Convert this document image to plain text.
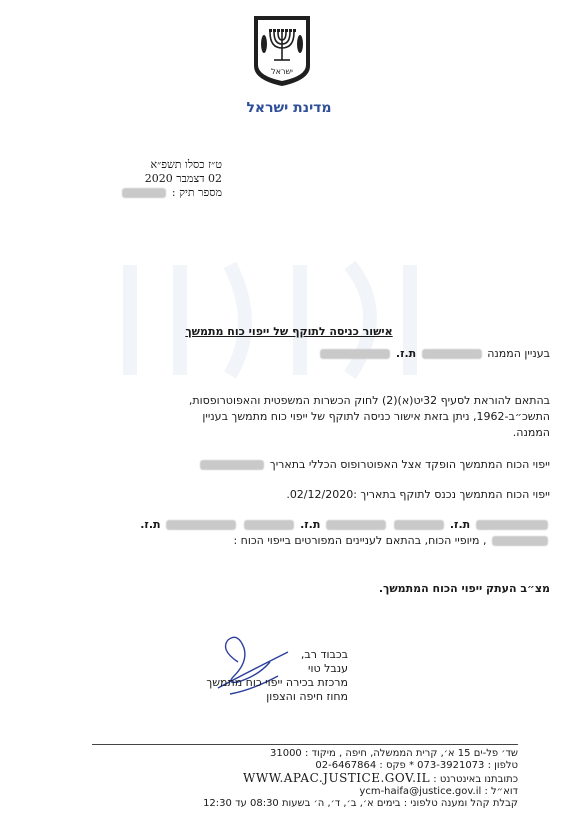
ישראל
מדינת ישראל
ט״ז כסלו תשפ״א
02 דצמבר 2020
מספר תיק :
אישור כניסה לתוקף של ייפוי כוח מתמשך
בעניין הממנה  ת.ז.
בהתאם להוראת לסעיף 32יט(א)(2) לחוק הכשרות המשפטית והאפוטרופסות,
התשכ״ב-1962, ניתן בזאת אישור כניסה לתוקף של ייפוי כוח מתמשך בעניין
הממנה.
ייפוי הכוח המתמשך הופקד אצל האפוטרופוס הכללי בתאריך
ייפוי הכוח המתמשך נכנס לתוקף בתאריך :02/12/2020.
ת.ז.   ת.ז.   ת.ז.
, מיופיי הכוח, בהתאם לעניינים המפורטים בייפוי הכוח :
מצ״ב העתק ייפוי הכוח המתמשך.
בכבוד רב,
ענבל טוי
מרכזת בכירה ייפוי כוח מתמשך
מחוז חיפה והצפון
שד׳ פל-ים 15 א׳, קרית הממשלה, חיפה , מיקוד : 31000
טלפון : 073-3921073 * פקס : 02-6467864
כתובתנו באינטרנט : WWW.APAC.JUSTICE.GOV.IL
דוא״ל : ycm-haifa@justice.gov.il
קבלת קהל ומענה טלפוני : בימים א׳, ב׳, ד׳, ה׳ בשעות 08:30 עד 12:30
